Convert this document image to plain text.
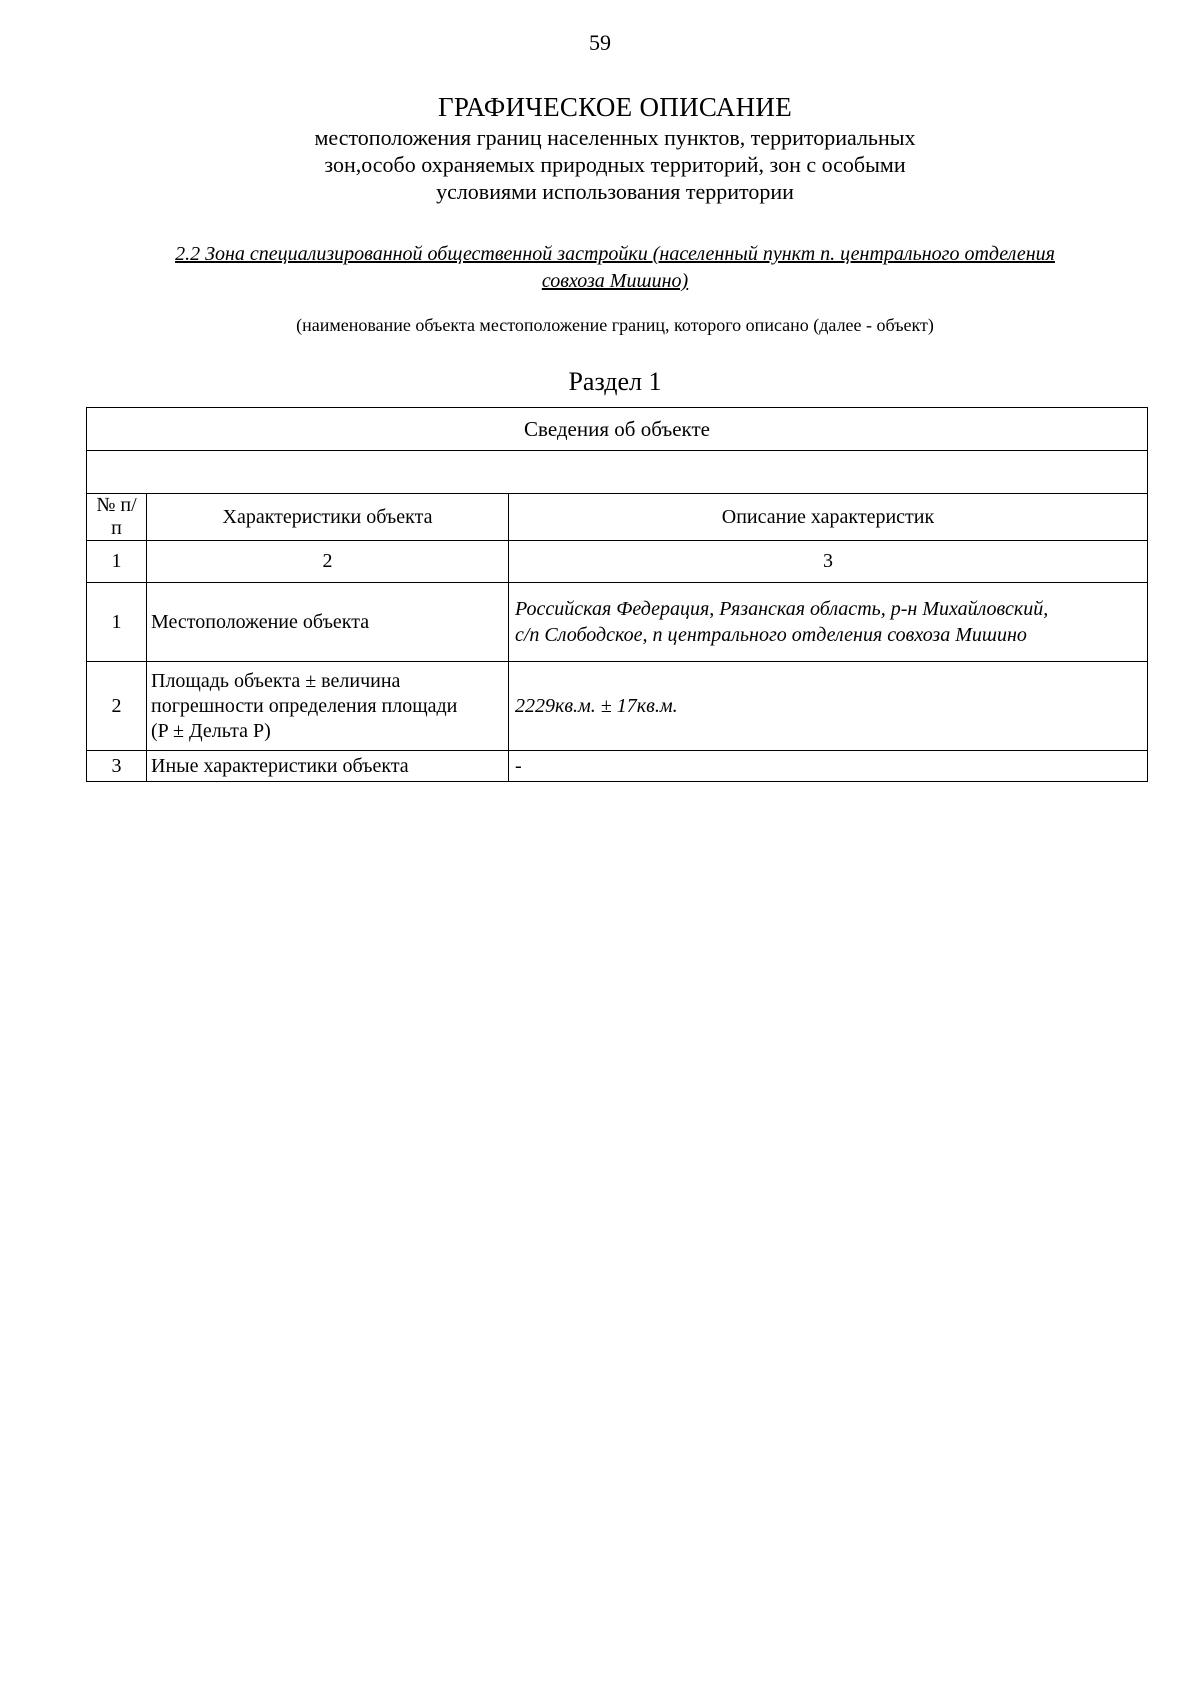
59
ГРАФИЧЕСКОЕ ОПИСАНИЕ
местоположения границ населенных пунктов, территориальных
зон,особо охраняемых природных территорий, зон с особыми
условиями использования территории
2.2 Зона специализированной общественной застройки (населенный пункт п. центрального отделения
совхоза Мишино)
(наименование объекта местоположение границ, которого описано (далее - объект)
Раздел 1
Сведения об объекте		

№ п/п	Характеристики объекта	Описание характеристик
1	2	3
1	Местоположение объекта	Российская Федерация, Рязанская область, р-н Михайловский,
с/п Слободское, п центрального отделения совхоза Мишино

2	Площадь объекта ± величина
погрешности определения площади
(P ± Дельта P)	2229кв.м. ± 17кв.м.
3	Иные характеристики объекта	-
